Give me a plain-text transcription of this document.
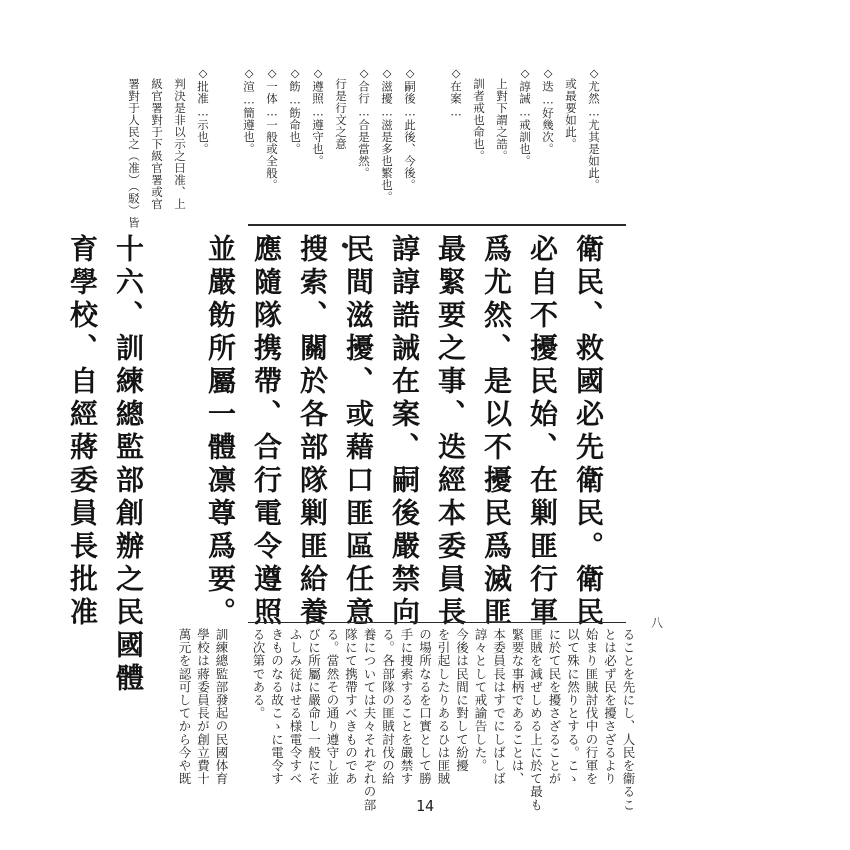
◇尤然…尤其是如此。
　或最要如此。
◇迭…好幾次。
◇諄誡…戒訓也。
　上對下謂之誥。
　訓者戒也命也。
◇在案…

◇嗣後…此後、今後。
◇滋擾…滋是多也繁也。
◇合行…合是當然。
　行是行文之意
◇遵照…遵守也。
◇飭…飭命也。
◇一体…一般或全般。
◇渲…簡遵也。

◇批准…示也。
　判決是非以示之曰准、上
　級官署對于下級官署或官
　署對于人民之（准）（駁）皆
衛民、救國必先衛民。衛民
必自不擾民始、在剿匪行軍
爲尤然、是以不擾民爲滅匪
最緊要之事、迭經本委員長
諄諄誥誡在案、嗣後嚴禁向
民間滋擾、或藉口匪區任意
搜索、關於各部隊剿匪給養
應隨隊携帶、合行電令遵照
並嚴飭所屬一體凛尊爲要。

十六、訓練總監部創辦之民國體
育學校、自經蔣委員長批准
ることを先にし、人民を衞るこ
とは必ず民を擾さざるより
始まり匪賊討伐中の行軍を
以て殊に然りとする。こゝ
に於て民を擾さざることが
匪賊を減ぜしめる上に於て最も
緊要な事柄であることは、
本委員長はすでにしばしば
諄々として戒諭告した。
今後は民間に對して紛擾
を引起したりあるひは匪賊
の場所なるを口實として勝
手に捜索することを嚴禁す
る。各部隊の匪賊討伐の給
養については夫々それぞれの部
隊にて携帶すべきものであ
る。當然その通り遵守し並
びに所屬に嚴命し一般にそ
ふしみ従はせる様電令すべ
きものなる故こゝに電令す
る次第である。

訓練總監部發起の民國体育
學校は蔣委員長が創立費十
萬元を認可してから今や既
八
14
